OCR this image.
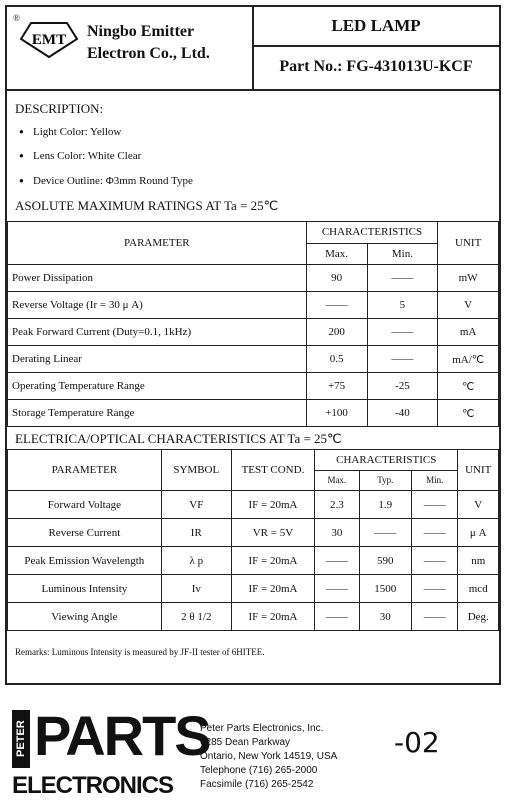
®
EMT Ningbo Emitter
Electron Co., Ltd.
LED LAMP
Part No.: FG-431013U-KCF
DESCRIPTION:
● Light Color: Yellow
● Lens Color: White Clear
● Device Outline: Φ3mm Round Type
ASOLUTE MAXIMUM RATINGS AT Ta = 25℃
PARAMETER	CHARACTERISTICS		UNIT
	Max.	Min.	
Power Dissipation	90	——	mW
Reverse Voltage (Ir = 30 μ A)	——	5	V
Peak Forward Current (Duty=0.1, 1kHz)	200	——	mA
Derating Linear	0.5	——	mA/℃
Operating Temperature Range	+75	-25	℃
Storage Temperature Range	+100	-40	℃
ELECTRICA/OPTICAL CHARACTERISTICS AT Ta = 25℃
PARAMETER	SYMBOL	TEST COND.	CHARACTERISTICS			UNIT
			Max.	Typ.	Min.	
Forward Voltage	VF	IF = 20mA	2.3	1.9	——	V
Reverse Current	IR	VR = 5V	30	——	——	μ A
Peak Emission Wavelength	λ p	IF = 20mA	——	590	——	nm
Luminous Intensity	Iv	IF = 20mA	——	1500	——	mcd
Viewing Angle	2 θ 1/2	IF = 20mA	——	30	——	Deg.
Remarks: Luminous Intensity is measured by JF-II tester of 6HITEE.
PETER PARTS
ELECTRONICS
Peter Parts Electronics, Inc.
6285 Dean Parkway
Ontario, New York 14519, USA
Telephone (716) 265-2000
Facsimile (716) 265-2542
-02
